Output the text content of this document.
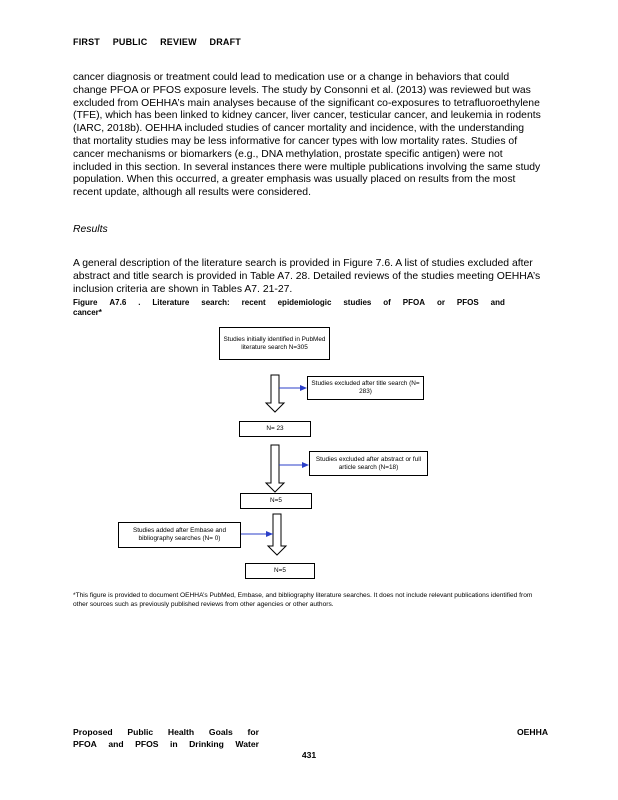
FIRST PUBLIC REVIEW DRAFT

cancer diagnosis or treatment could lead to medication use or a change in behaviors that could change PFOA or PFOS exposure levels. The study by Consonni et al. (2013) was reviewed but was excluded from OEHHA’s main analyses because of the significant co-exposures to tetrafluoroethylene (TFE), which has been linked to kidney cancer, liver cancer, testicular cancer, and leukemia in rodents (IARC, 2018b). OEHHA included studies of cancer mortality and incidence, with the understanding that mortality studies may be less informative for cancer types with low mortality rates. Studies of cancer mechanisms or biomarkers (e.g., DNA methylation, prostate specific antigen) were not included in this section. In several instances there were multiple publications involving the same study population. When this occurred, a greater emphasis was usually placed on results from the most recent update, although all results were considered.

Results

A general description of the literature search is provided in Figure 7.6. A list of studies excluded after abstract and title search is provided in Table A7. 28. Detailed reviews of the studies meeting OEHHA’s inclusion criteria are shown in Tables A7. 21-27.

Figure A7.6 . Literature search: recent epidemiologic studies of PFOA or PFOS and
cancer*
Studies initially identified in PubMed literature search N=305
Studies excluded after title search (N= 283)
N= 23
Studies excluded after abstract or full article search (N=18)
N=5
Studies added after Embase and bibliography searches (N= 0)
N=5
*This figure is provided to document OEHHA’s PubMed, Embase, and bibliography literature searches. It does not include relevant publications identified from other sources such as previously published reviews from other agencies or other authors.
Proposed Public Health Goals for	OEHHA
PFOA and PFOS in Drinking Water
431
